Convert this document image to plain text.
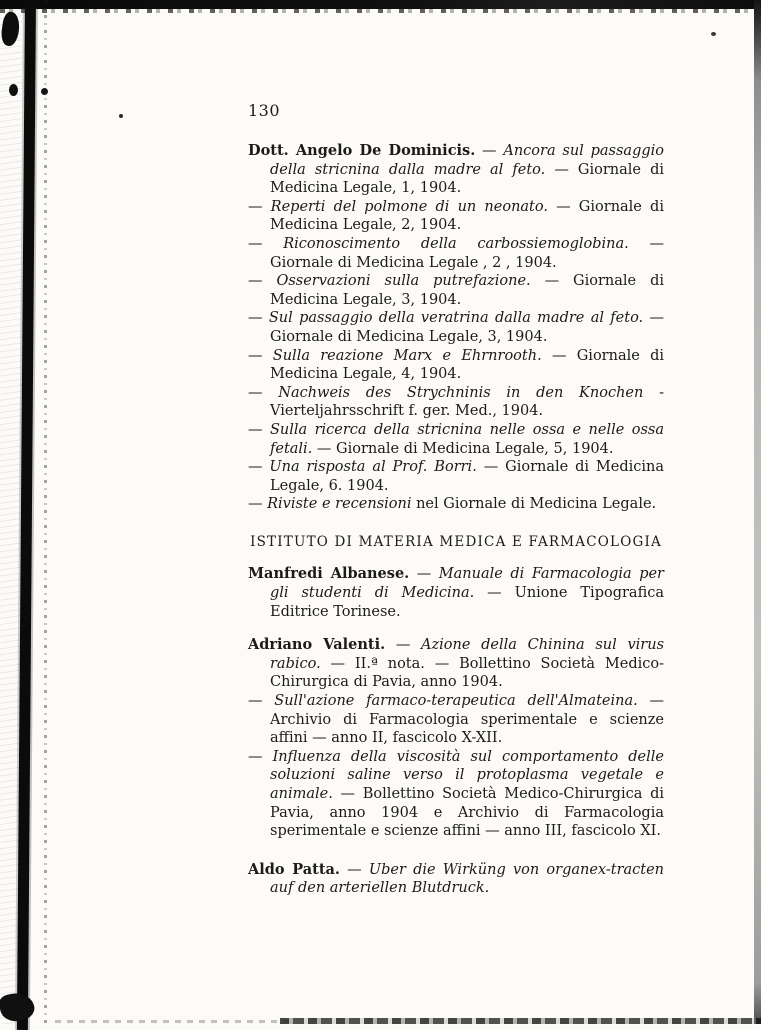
130

Dott. Angelo De Dominicis. — Ancora sul passaggio della stricnina dalla madre al feto. — Giornale di Medicina Legale, 1, 1904.

— Reperti del polmone di un neonato. — Giornale di Medicina Legale, 2, 1904.

— Riconoscimento della carbossiemoglobina. — Giornale di Medicina Legale , 2 , 1904.

— Osservazioni sulla putrefazione. — Giornale di Medicina Legale, 3, 1904.

— Sul passaggio della veratrina dalla madre al feto. — Giornale di Medicina Legale, 3, 1904.

— Sulla reazione Marx e Ehrnrooth. — Giornale di Medicina Legale, 4, 1904.

— Nachweis des Strychninis in den Knochen - Vierteljahrsschrift f. ger. Med., 1904.

— Sulla ricerca della stricnina nelle ossa e nelle ossa fetali. — Giornale di Medicina Legale, 5, 1904.

— Una risposta al Prof. Borri. — Giornale di Medicina Legale, 6. 1904.

— Riviste e recensioni nel Giornale di Medicina Legale.

ISTITUTO DI MATERIA MEDICA E FARMACOLOGIA

Manfredi Albanese. — Manuale di Farmacologia per gli studenti di Medicina. — Unione Tipografica Editrice Torinese.

Adriano Valenti. — Azione della Chinina sul virus rabico. — II.ª nota. — Bollettino Società Medico-Chirurgica di Pavia, anno 1904.

— Sull'azione farmaco-terapeutica dell'Almateina. — Archivio di Farmacologia sperimentale e scienze affini — anno II, fascicolo X-XII.

— Influenza della viscosità sul comportamento delle soluzioni saline verso il protoplasma vegetale e animale. — Bollettino Società Medico-Chirurgica di Pavia, anno 1904 e Archivio di Farmacologia sperimentale e scienze affini — anno III, fascicolo XI.

Aldo Patta. — Uber die Wirküng von organex-tracten auf den arteriellen Blutdruck.
